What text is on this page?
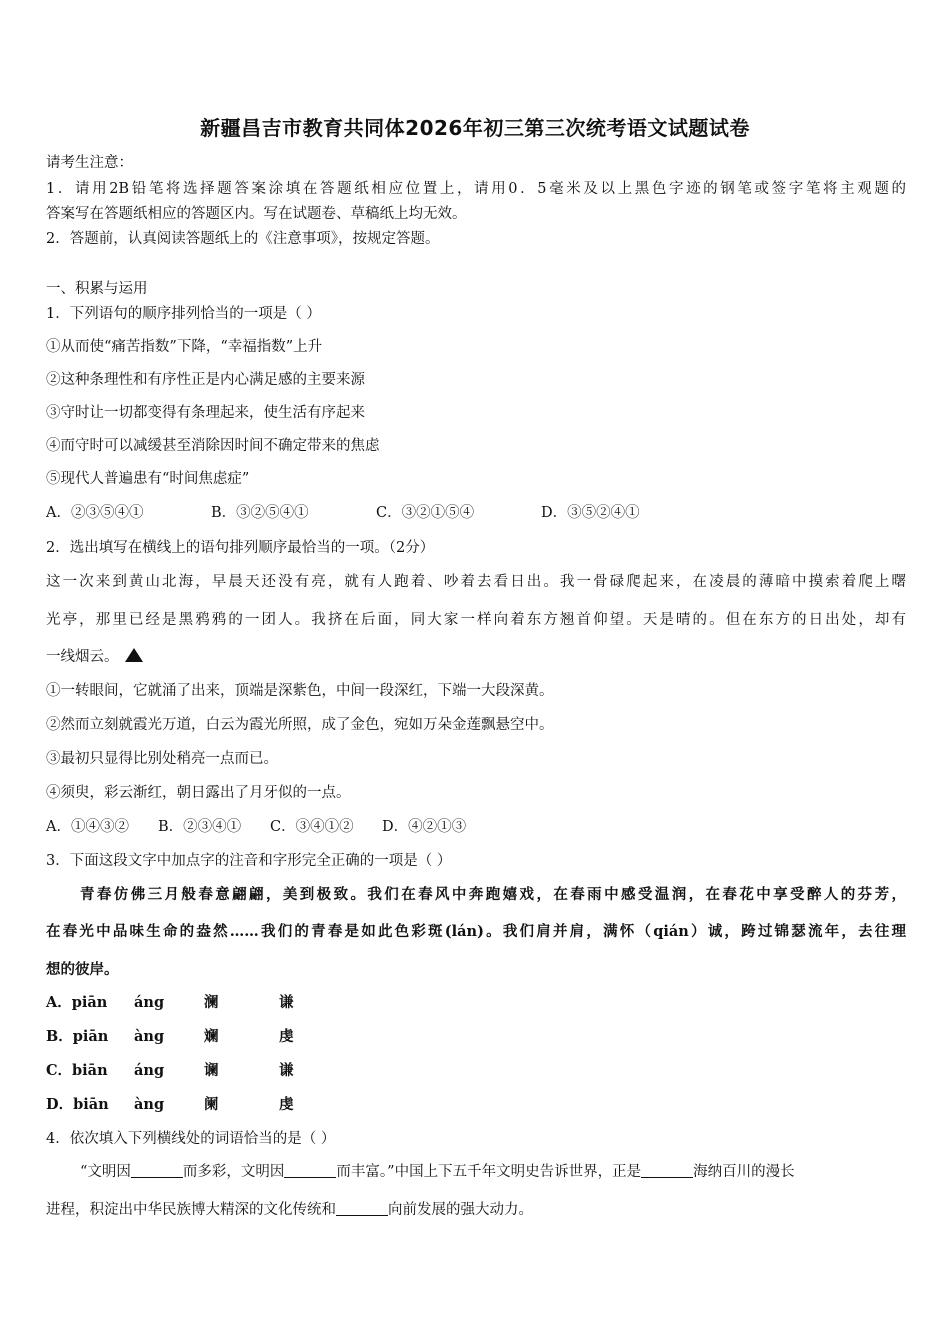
新疆昌吉市教育共同体2026年初三第三次统考语文试题试卷
请考生注意：
1．请用2B铅笔将选择题答案涂填在答题纸相应位置上，请用0．5毫米及以上黑色字迹的钢笔或签字笔将主观题的
答案写在答题纸相应的答题区内。写在试题卷、草稿纸上均无效。
2．答题前，认真阅读答题纸上的《注意事项》，按规定答题。
一、积累与运用
1．下列语句的顺序排列恰当的一项是（ ）
①从而使“痛苦指数”下降，“幸福指数”上升
②这种条理性和有序性正是内心满足感的主要来源
③守时让一切都变得有条理起来，使生活有序起来
④而守时可以减缓甚至消除因时间不确定带来的焦虑
⑤现代人普遍患有“时间焦虑症”
A．②③⑤④①	B．③②⑤④①	C．③②①⑤④	D．③⑤②④①
2．选出填写在横线上的语句排列顺序最恰当的一项。（2分）
这一次来到黄山北海，早晨天还没有亮，就有人跑着、吵着去看日出。我一骨碌爬起来，在凌晨的薄暗中摸索着爬上曙
光亭，那里已经是黑鸦鸦的一团人。我挤在后面，同大家一样向着东方翘首仰望。天是晴的。但在东方的日出处，却有
一线烟云。
①一转眼间，它就涌了出来，顶端是深紫色，中间一段深红，下端一大段深黄。
②然而立刻就霞光万道，白云为霞光所照，成了金色，宛如万朵金莲飘悬空中。
③最初只显得比别处稍亮一点而已。
④须臾，彩云渐红，朝日露出了月牙似的一点。
A．①④③② B．②③④① C．③④①② D．④②①③
3．下面这段文字中加点字的注音和字形完全正确的一项是（ ）
青春仿佛三月般春意翩翩，美到极致。我们在春风中奔跑嬉戏，在春雨中感受温润，在春花中享受醉人的芬芳，
在春光中品味生命的盎然……我们的青春是如此色彩斑(lán)。我们肩并肩，满怀（qián）诚，跨过锦瑟流年，去往理
想的彼岸。
A．piān áng	澜	谦
B．piān àng	斓	虔
C．biān áng	谰	谦
D．biān àng	阑	虔
4．依次填入下列横线处的词语恰当的是（ ）
“文明因	而多彩，文明因	而丰富。”中国上下五千年文明史告诉世界，正是	海纳百川的漫长
进程，积淀出中华民族博大精深的文化传统和	向前发展的强大动力。
